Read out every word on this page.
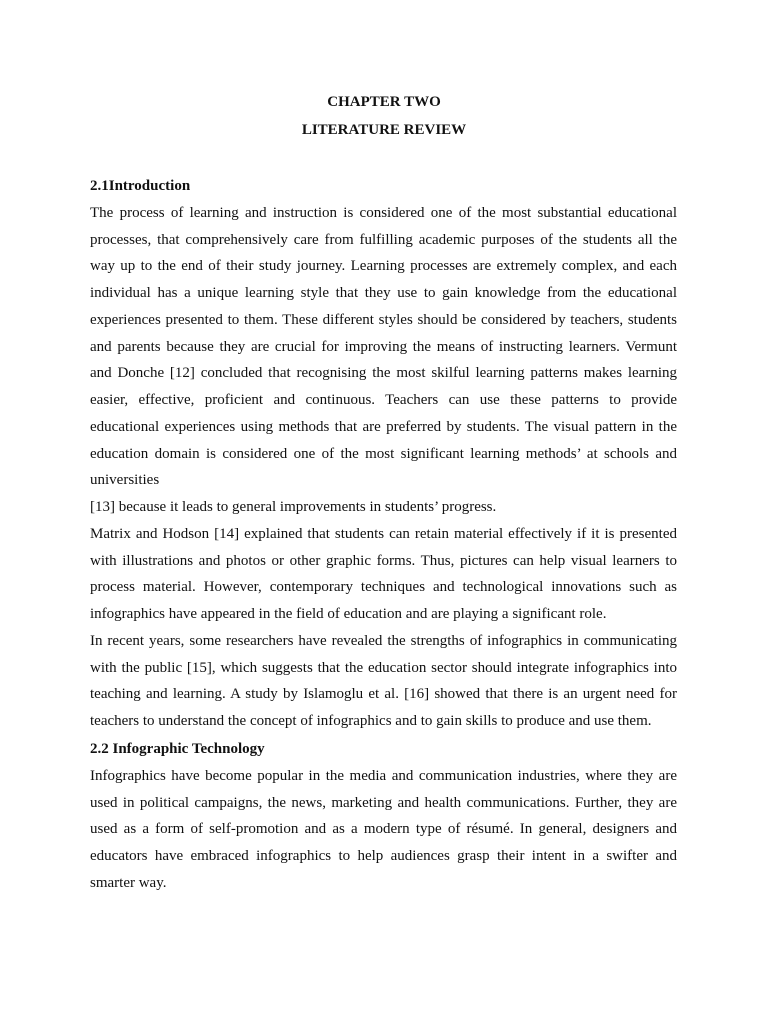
CHAPTER TWO
LITERATURE REVIEW
2.1Introduction

The process of learning and instruction is considered one of the most substantial educational processes, that comprehensively care from fulfilling academic purposes of the students all the way up to the end of their study journey. Learning processes are extremely complex, and each individual has a unique learning style that they use to gain knowledge from the educational experiences presented to them. These different styles should be considered by teachers, students and parents because they are crucial for improving the means of instructing learners. Vermunt and Donche [12] concluded that recognising the most skilful learning patterns makes learning easier, effective, proficient and continuous. Teachers can use these patterns to provide educational experiences using methods that are preferred by students. The visual pattern in the education domain is considered one of the most significant learning methods’ at schools and universities

[13] because it leads to general improvements in students’ progress.

Matrix and Hodson [14] explained that students can retain material effectively if it is presented with illustrations and photos or other graphic forms. Thus, pictures can help visual learners to process material. However, contemporary techniques and technological innovations such as infographics have appeared in the field of education and are playing a significant role.

In recent years, some researchers have revealed the strengths of infographics in communicating with the public [15], which suggests that the education sector should integrate infographics into teaching and learning. A study by Islamoglu et al. [16] showed that there is an urgent need for teachers to understand the concept of infographics and to gain skills to produce and use them.

2.2 Infographic Technology

Infographics have become popular in the media and communication industries, where they are used in political campaigns, the news, marketing and health communications. Further, they are used as a form of self-promotion and as a modern type of résumé. In general, designers and educators have embraced infographics to help audiences grasp their intent in a swifter and smarter way.
